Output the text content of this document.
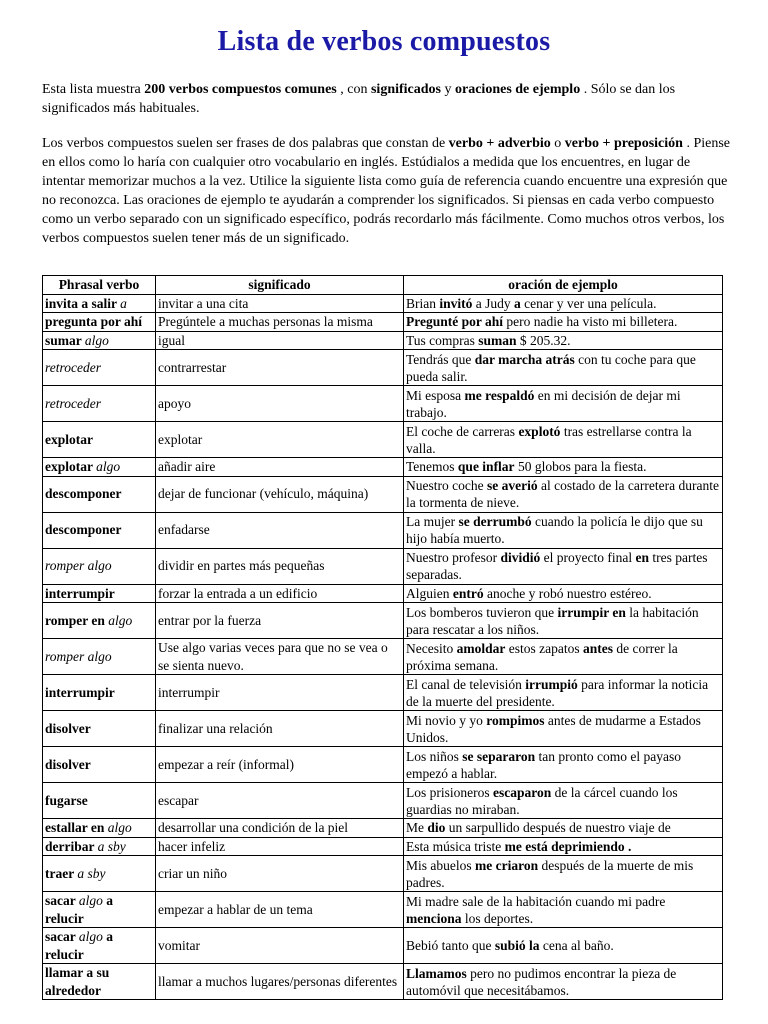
Lista de verbos compuestos

Esta lista muestra 200 verbos compuestos comunes , con significados y oraciones de ejemplo . Sólo se dan los significados más habituales.

Los verbos compuestos suelen ser frases de dos palabras que constan de verbo + adverbio o verbo + preposición . Piense en ellos como lo haría con cualquier otro vocabulario en inglés. Estúdialos a medida que los encuentres, en lugar de intentar memorizar muchos a la vez. Utilice la siguiente lista como guía de referencia cuando encuentre una expresión que no reconozca. Las oraciones de ejemplo te ayudarán a comprender los significados. Si piensas en cada verbo compuesto como un verbo separado con un significado específico, podrás recordarlo más fácilmente. Como muchos otros verbos, los verbos compuestos suelen tener más de un significado.

Phrasal verbo	significado	oración de ejemplo
invita a salir a	invitar a una cita	Brian invitó a Judy a cenar y ver una película.
pregunta por ahí	Pregúntele a muchas personas la misma	Pregunté por ahí pero nadie ha visto mi billetera.
sumar algo	igual	Tus compras suman $ 205.32.
retroceder	contrarrestar	Tendrás que dar marcha atrás con tu coche para que pueda salir.
retroceder	apoyo	Mi esposa me respaldó en mi decisión de dejar mi trabajo.
explotar	explotar	El coche de carreras explotó tras estrellarse contra la valla.
explotar algo	añadir aire	Tenemos que inflar 50 globos para la fiesta.
descomponer	dejar de funcionar (vehículo, máquina)	Nuestro coche se averió al costado de la carretera durante la tormenta de nieve.
descomponer	enfadarse	La mujer se derrumbó cuando la policía le dijo que su hijo había muerto.
romper algo	dividir en partes más pequeñas	Nuestro profesor dividió el proyecto final en tres partes separadas.
interrumpir	forzar la entrada a un edificio	Alguien entró anoche y robó nuestro estéreo.
romper en algo	entrar por la fuerza	Los bomberos tuvieron que irrumpir en la habitación para rescatar a los niños.
romper algo	Use algo varias veces para que no se vea o se sienta nuevo.	Necesito amoldar estos zapatos antes de correr la próxima semana.
interrumpir	interrumpir	El canal de televisión irrumpió para informar la noticia de la muerte del presidente.
disolver	finalizar una relación	Mi novio y yo rompimos antes de mudarme a Estados Unidos.
disolver	empezar a reír (informal)	Los niños se separaron tan pronto como el payaso empezó a hablar.
fugarse	escapar	Los prisioneros escaparon de la cárcel cuando los guardias no miraban.
estallar en algo	desarrollar una condición de la piel	Me dio un sarpullido después de nuestro viaje de
derribar a sby	hacer infeliz	Esta música triste me está deprimiendo .
traer a sby	criar un niño	Mis abuelos me criaron después de la muerte de mis padres.
sacar algo a relucir	empezar a hablar de un tema	Mi madre sale de la habitación cuando mi padre menciona los deportes.
sacar algo a relucir	vomitar	Bebió tanto que subió la cena al baño.
llamar a su alrededor	llamar a muchos lugares/personas diferentes	Llamamos pero no pudimos encontrar la pieza de automóvil que necesitábamos.
